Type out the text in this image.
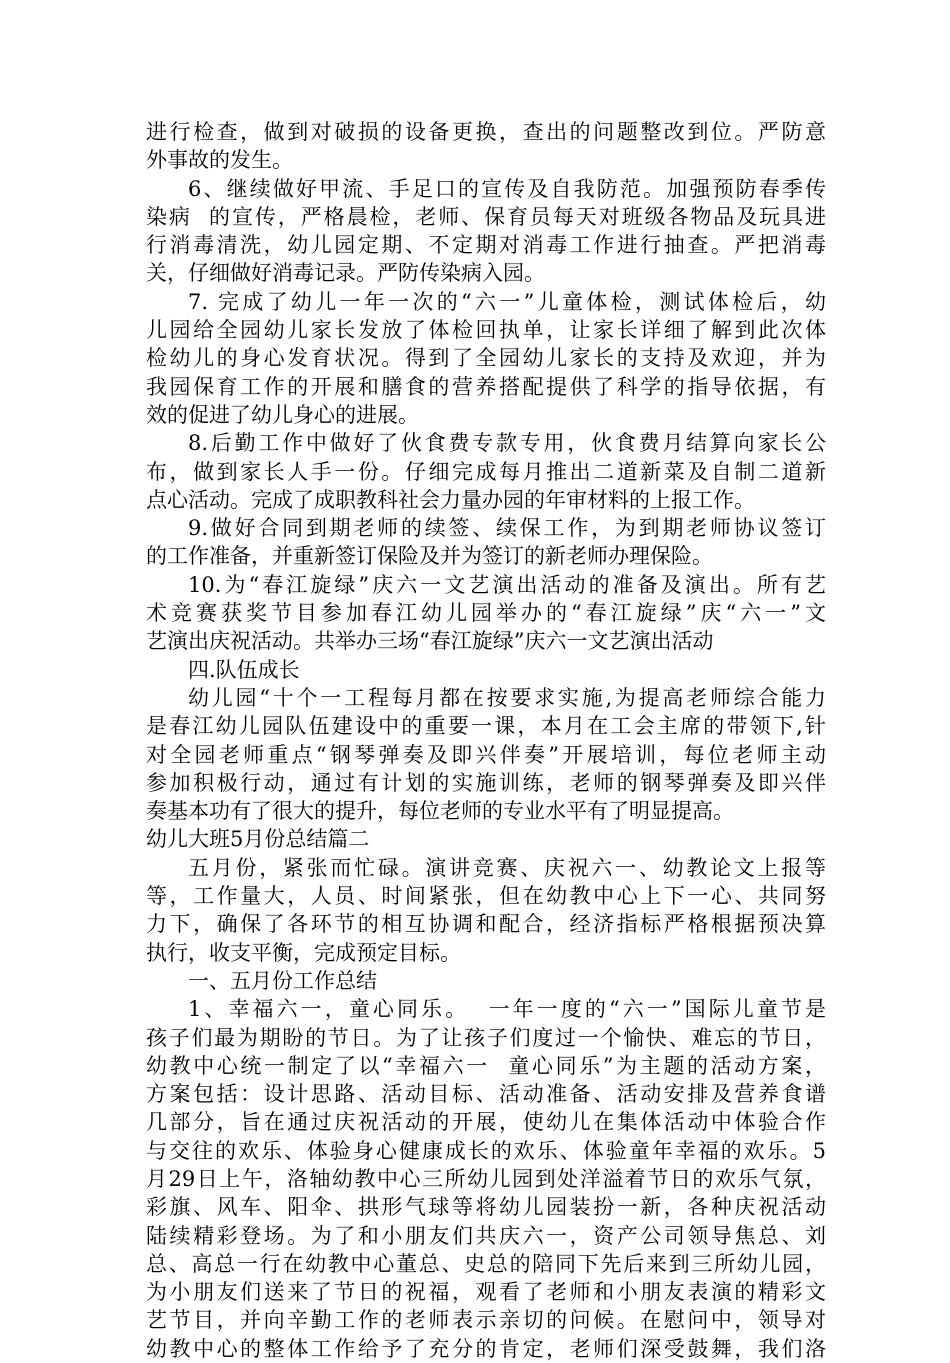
进行检查，做到对破损的设备更换，查出的问题整改到位。严防意
外事故的发生。
6、继续做好甲流、手足口的宣传及自我防范。加强预防春季传
染病  的宣传，严格晨检，老师、保育员每天对班级各物品及玩具进
行消毒清洗，幼儿园定期、不定期对消毒工作进行抽查。严把消毒
关，仔细做好消毒记录。严防传染病入园。
7. 完成了幼儿一年一次的“六一”儿童体检，测试体检后，幼
儿园给全园幼儿家长发放了体检回执单，让家长详细了解到此次体
检幼儿的身心发育状况。得到了全园幼儿家长的支持及欢迎，并为
我园保育工作的开展和膳食的营养搭配提供了科学的指导依据，有
效的促进了幼儿身心的进展。
8.后勤工作中做好了伙食费专款专用，伙食费月结算向家长公
布，做到家长人手一份。仔细完成每月推出二道新菜及自制二道新
点心活动。完成了成职教科社会力量办园的年审材料的上报工作。
9.做好合同到期老师的续签、续保工作，为到期老师协议签订
的工作准备，并重新签订保险及并为签订的新老师办理保险。
10.为“春江旋绿”庆六一文艺演出活动的准备及演出。所有艺
术竞赛获奖节目参加春江幼儿园举办的“春江旋绿”庆“六一”文
艺演出庆祝活动。共举办三场“春江旋绿”庆六一文艺演出活动
四.队伍成长
幼儿园“十个一工程每月都在按要求实施,为提高老师综合能力
是春江幼儿园队伍建设中的重要一课，本月在工会主席的带领下,针
对全园老师重点“钢琴弹奏及即兴伴奏”开展培训，每位老师主动
参加积极行动，通过有计划的实施训练，老师的钢琴弹奏及即兴伴
奏基本功有了很大的提升，每位老师的专业水平有了明显提高。
幼儿大班5月份总结篇二
五月份，紧张而忙碌。演讲竞赛、庆祝六一、幼教论文上报等
等，工作量大，人员、时间紧张，但在幼教中心上下一心、共同努
力下，确保了各环节的相互协调和配合，经济指标严格根据预决算
执行，收支平衡，完成预定目标。
一、五月份工作总结
1、幸福六一，童心同乐。  一年一度的“六一”国际儿童节是
孩子们最为期盼的节日。为了让孩子们度过一个愉快、难忘的节日，
幼教中心统一制定了以“幸福六一  童心同乐”为主题的活动方案，
方案包括：设计思路、活动目标、活动准备、活动安排及营养食谱
几部分，旨在通过庆祝活动的开展，使幼儿在集体活动中体验合作
与交往的欢乐、体验身心健康成长的欢乐、体验童年幸福的欢乐。5
月29日上午，洛轴幼教中心三所幼儿园到处洋溢着节日的欢乐气氛，
彩旗、风车、阳伞、拱形气球等将幼儿园装扮一新，各种庆祝活动
陆续精彩登场。为了和小朋友们共庆六一，资产公司领导焦总、刘
总、高总一行在幼教中心董总、史总的陪同下先后来到三所幼儿园，
为小朋友们送来了节日的祝福，观看了老师和小朋友表演的精彩文
艺节目，并向辛勤工作的老师表示亲切的问候。在慰问中，领导对
幼教中心的整体工作给予了充分的肯定，老师们深受鼓舞，我们洛
